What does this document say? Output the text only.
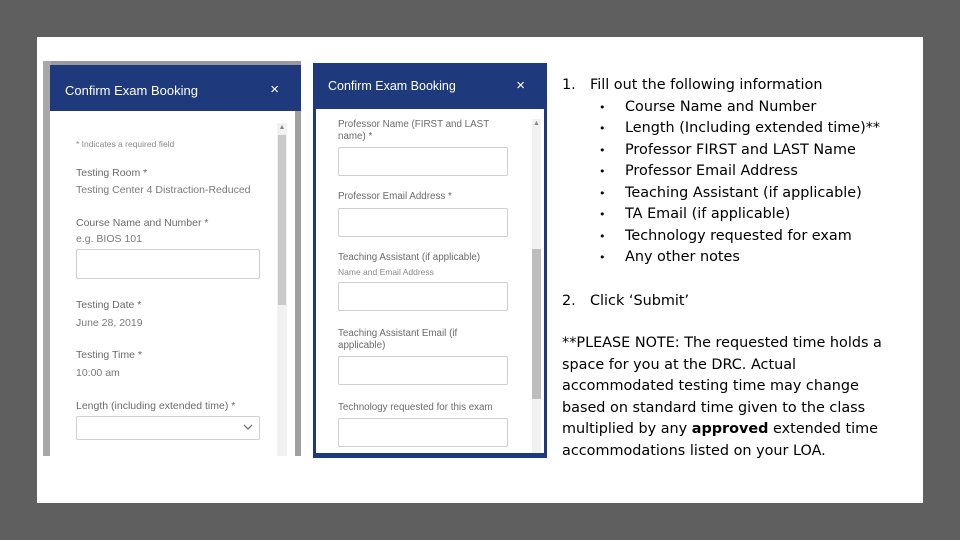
Confirm Exam Booking	×
* Indicates a required field
Testing Room *
Testing Center 4 Distraction-Reduced
Course Name and Number *
e.g. BIOS 101
Testing Date *
June 28, 2019
Testing Time *
10:00 am
Length (including extended time) *
▲
Confirm Exam Booking	×
Professor Name (FIRST and LAST name) *
Professor Email Address *
Teaching Assistant (if applicable)
Name and Email Address
Teaching Assistant Email (if applicable)
Technology requested for this exam
▲
1. Fill out the following information
• Course Name and Number
• Length (Including extended time)**
• Professor FIRST and LAST Name
• Professor Email Address
• Teaching Assistant (if applicable)
• TA Email (if applicable)
• Technology requested for exam
• Any other notes
2. Click ‘Submit’
**PLEASE NOTE: The requested time holds a space for you at the DRC. Actual accommodated testing time may change based on standard time given to the class multiplied by any approved extended time accommodations listed on your LOA.
